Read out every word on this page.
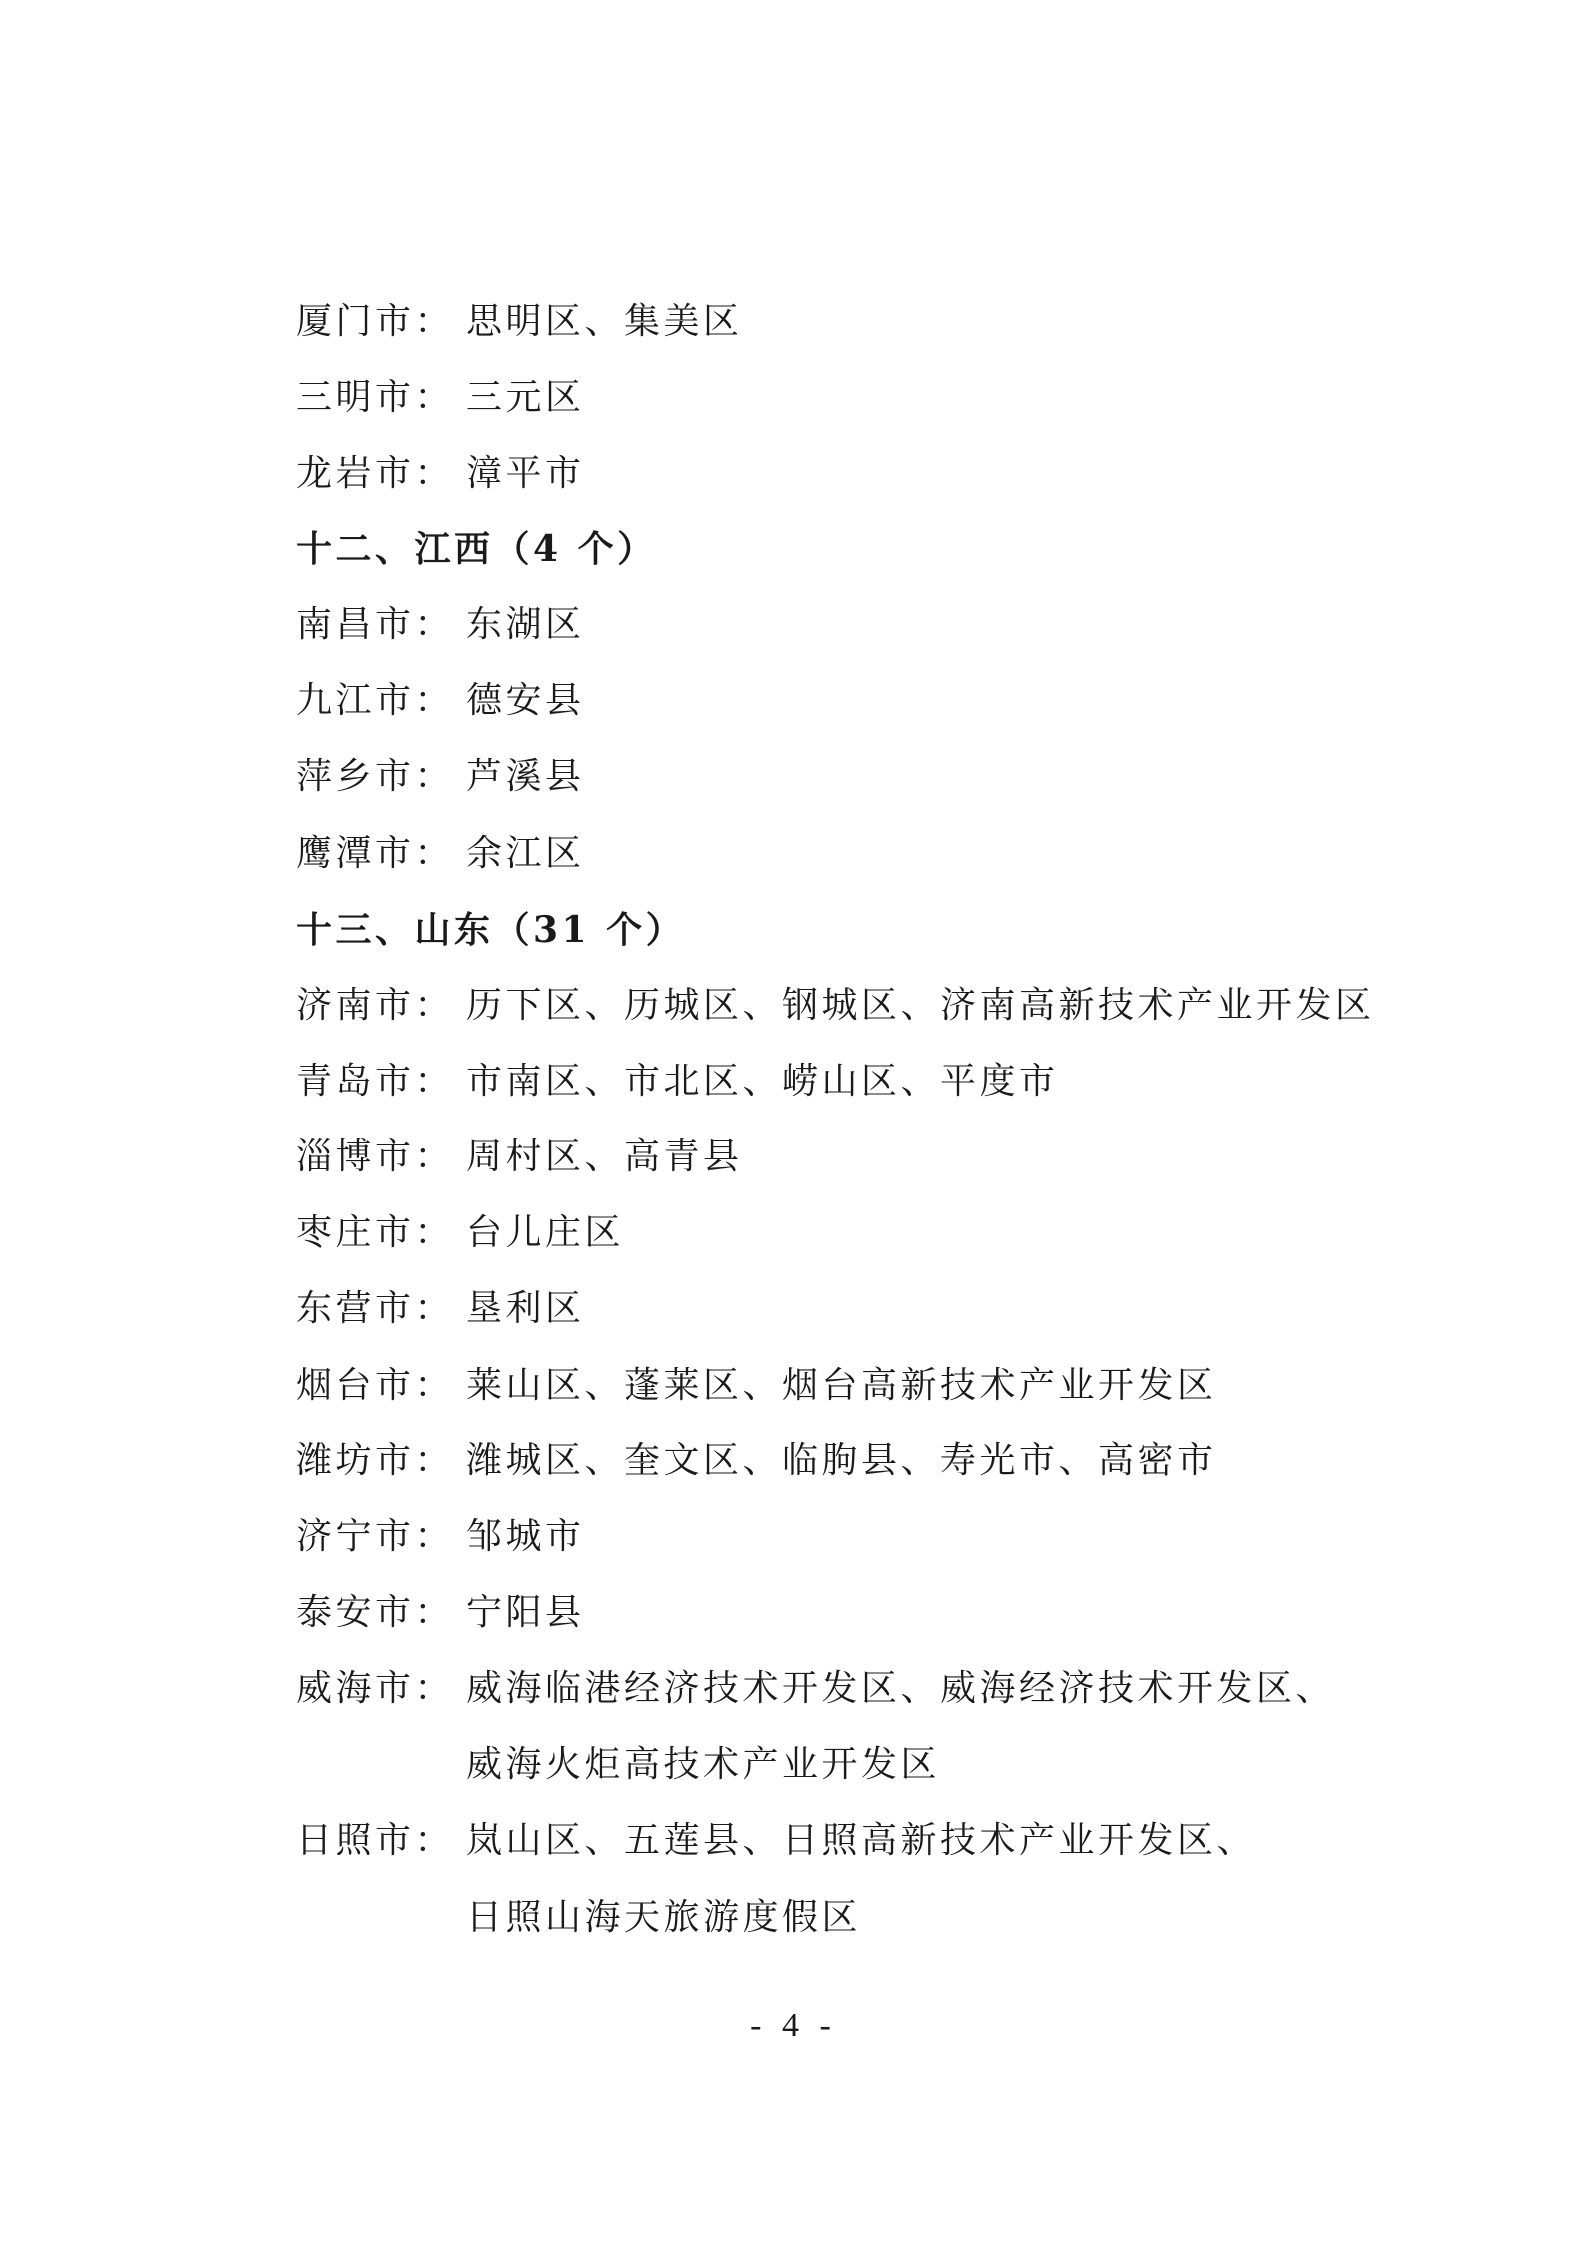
厦门市： 思明区、集美区
三明市： 三元区
龙岩市： 漳平市
十二、江西（4 个）
南昌市： 东湖区
九江市： 德安县
萍乡市： 芦溪县
鹰潭市： 余江区
十三、山东（31 个）
济南市： 历下区、历城区、钢城区、济南高新技术产业开发区
青岛市： 市南区、市北区、崂山区、平度市
淄博市： 周村区、高青县
枣庄市： 台儿庄区
东营市： 垦利区
烟台市： 莱山区、蓬莱区、烟台高新技术产业开发区
潍坊市： 潍城区、奎文区、临朐县、寿光市、高密市
济宁市： 邹城市
泰安市： 宁阳县
威海市： 威海临港经济技术开发区、威海经济技术开发区、
威海火炬高技术产业开发区
日照市： 岚山区、五莲县、日照高新技术产业开发区、
日照山海天旅游度假区
- 4 -
